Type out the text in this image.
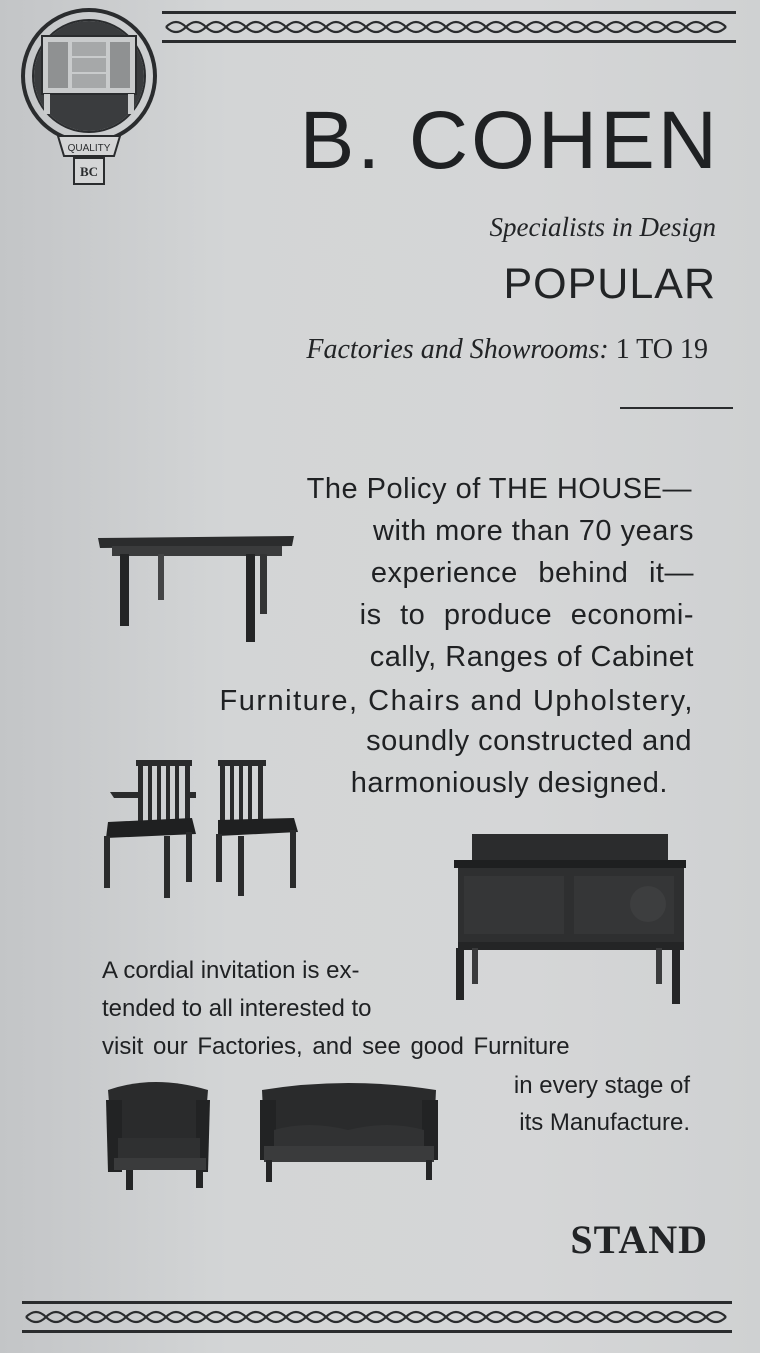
QUALITY
BC B. COHEN
Specialists in Design
POPULAR
Factories and Showrooms: 1 TO 19
The Policy of THE HOUSE—
with more than 70 years
experience behind it—
is to produce economi-
cally, Ranges of Cabinet
Furniture, Chairs and Upholstery,
soundly constructed and
harmoniously designed.
A cordial invitation is ex-
tended to all interested to
visit our Factories, and see good Furniture
in every stage of
its Manufacture.
STAND
